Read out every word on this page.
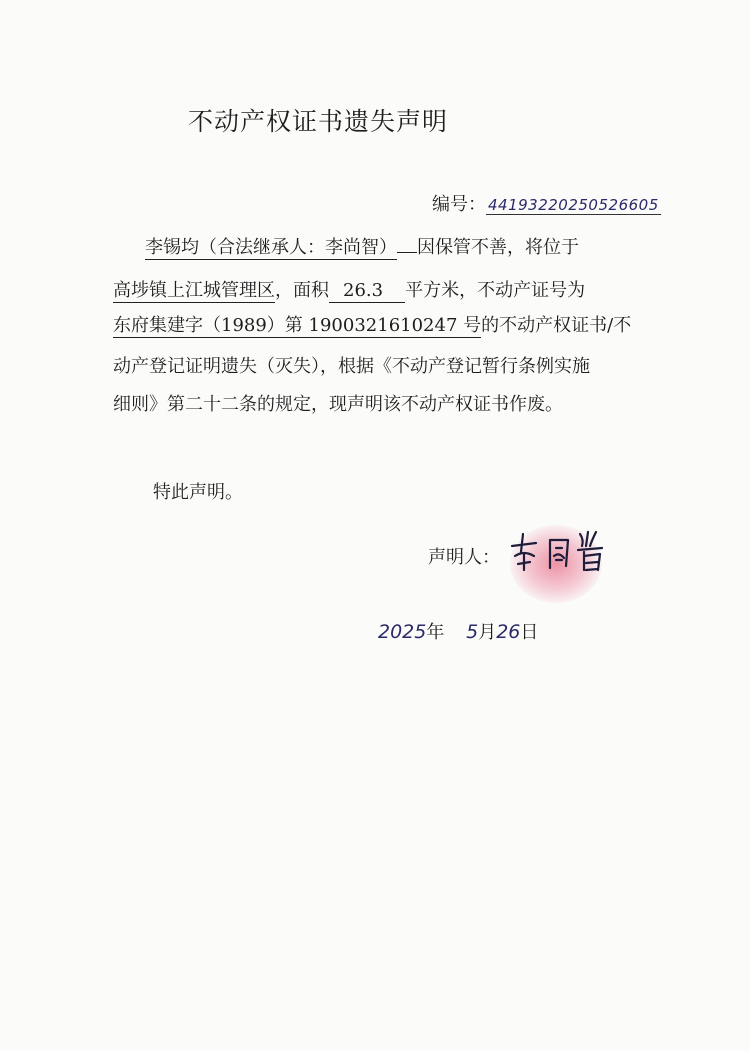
不动产权证书遗失声明
编号： 44193220250526605
李锡均（合法继承人：李尚智） 因保管不善，将位于
高埗镇上江城管理区，面积 26.3 平方米，不动产证号为
东府集建字（1989）第 1900321610247 号的不动产权证书/不
动产登记证明遗失（灭失），根据《不动产登记暂行条例实施
细则》第二十二条的规定，现声明该不动产权证书作废。
特此声明。
声明人：
2025年 5月26日
